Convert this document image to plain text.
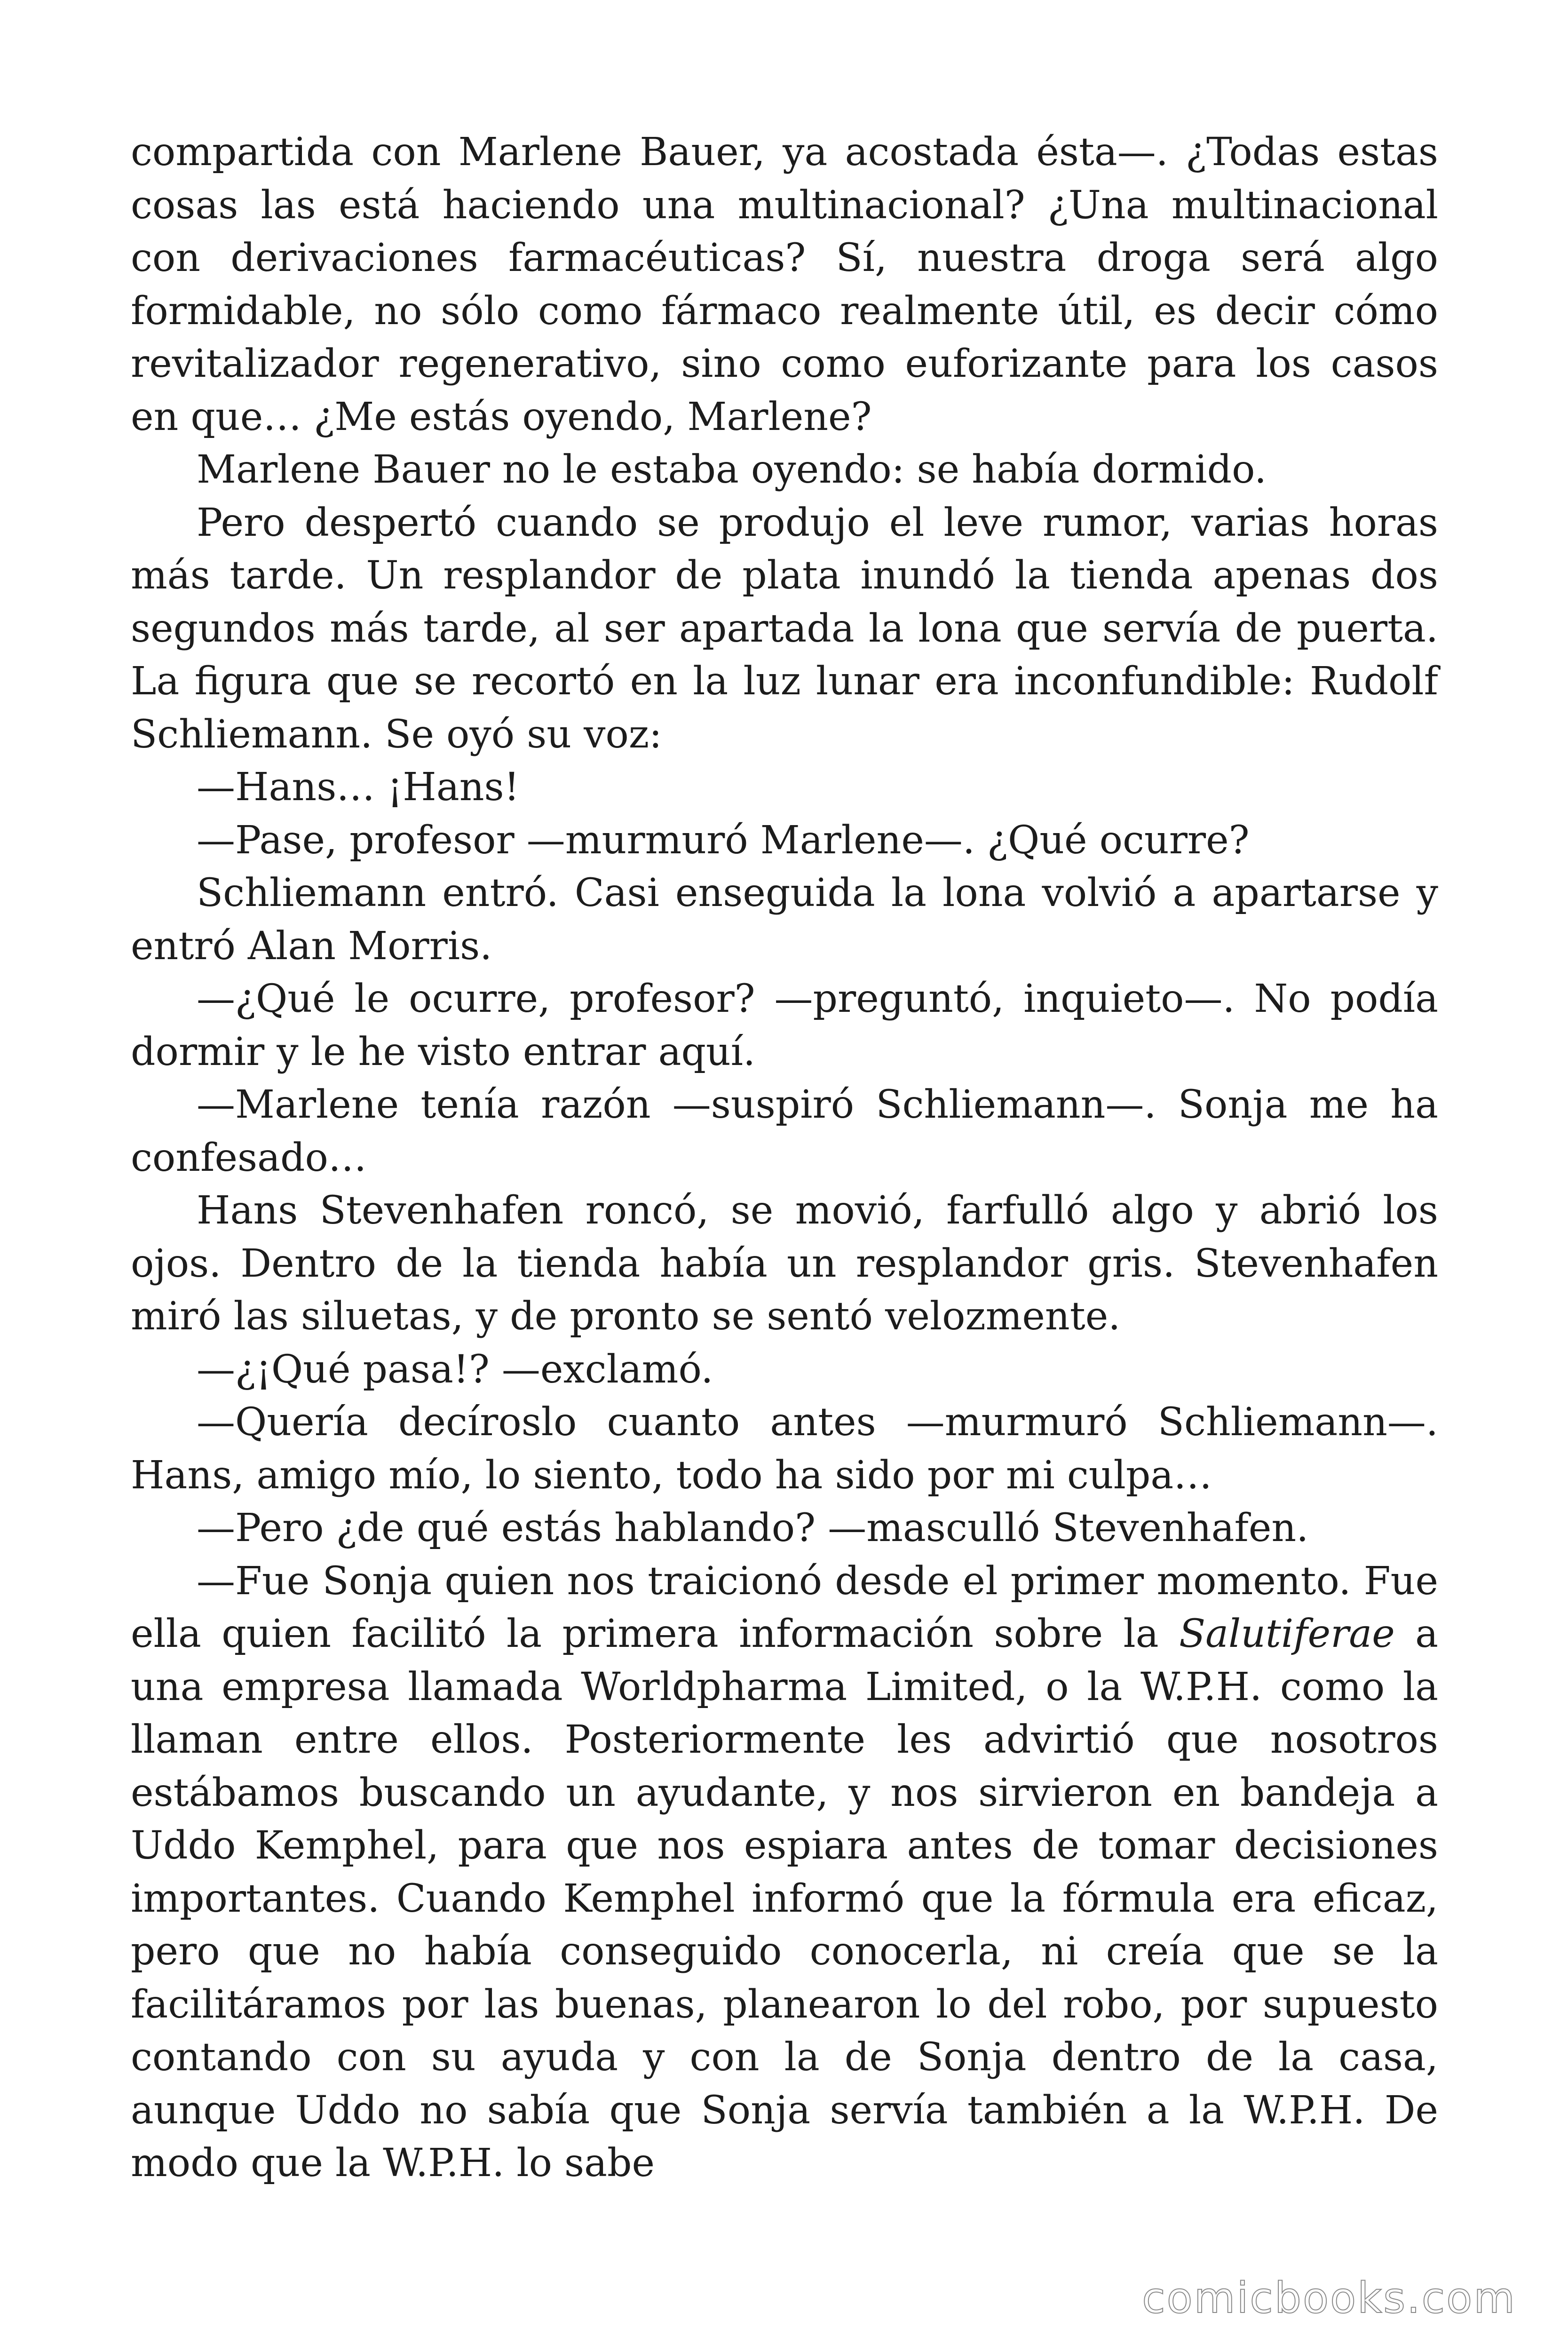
compartida con Marlene Bauer, ya acostada ésta—. ¿Todas estas cosas las está haciendo una multinacional? ¿Una multinacional con derivaciones farmacéuticas? Sí, nuestra droga será algo formidable, no sólo como fármaco realmente útil, es decir cómo revitalizador regenerativo, sino como euforizante para los casos en que… ¿Me estás oyendo, Marlene?

Marlene Bauer no le estaba oyendo: se había dormido.

Pero despertó cuando se produjo el leve rumor, varias horas más tarde. Un resplandor de plata inundó la tienda apenas dos segundos más tarde, al ser apartada la lona que servía de puerta. La figura que se recortó en la luz lunar era inconfundible: Rudolf Schliemann. Se oyó su voz:

—Hans… ¡Hans!

—Pase, profesor —murmuró Marlene—. ¿Qué ocurre?

Schliemann entró. Casi enseguida la lona volvió a apartarse y entró Alan Morris.

—¿Qué le ocurre, profesor? —preguntó, inquieto—. No podía dormir y le he visto entrar aquí.

—Marlene tenía razón —suspiró Schliemann—. Sonja me ha confesado…

Hans Stevenhafen roncó, se movió, farfulló algo y abrió los ojos. Dentro de la tienda había un resplandor gris. Stevenhafen miró las siluetas, y de pronto se sentó velozmente.

—¿¡Qué pasa!? —exclamó.

—Quería decíroslo cuanto antes —murmuró Schliemann—. Hans, amigo mío, lo siento, todo ha sido por mi culpa…

—Pero ¿de qué estás hablando? —masculló Stevenhafen.

—Fue Sonja quien nos traicionó desde el primer momento. Fue ella quien facilitó la primera información sobre la Salutiferae a una empresa llamada Worldpharma Limited, o la W.P.H. como la llaman entre ellos. Posteriormente les advirtió que nosotros estábamos buscando un ayudante, y nos sirvieron en bandeja a Uddo Kemphel, para que nos espiara antes de tomar decisiones importantes. Cuando Kemphel informó que la fórmula era eficaz, pero que no había conseguido conocerla, ni creía que se la facilitáramos por las buenas, planearon lo del robo, por supuesto contando con su ayuda y con la de Sonja dentro de la casa, aunque Uddo no sabía que Sonja servía también a la W.P.H. De modo que la W.P.H. lo sabe

comicbooks.com
